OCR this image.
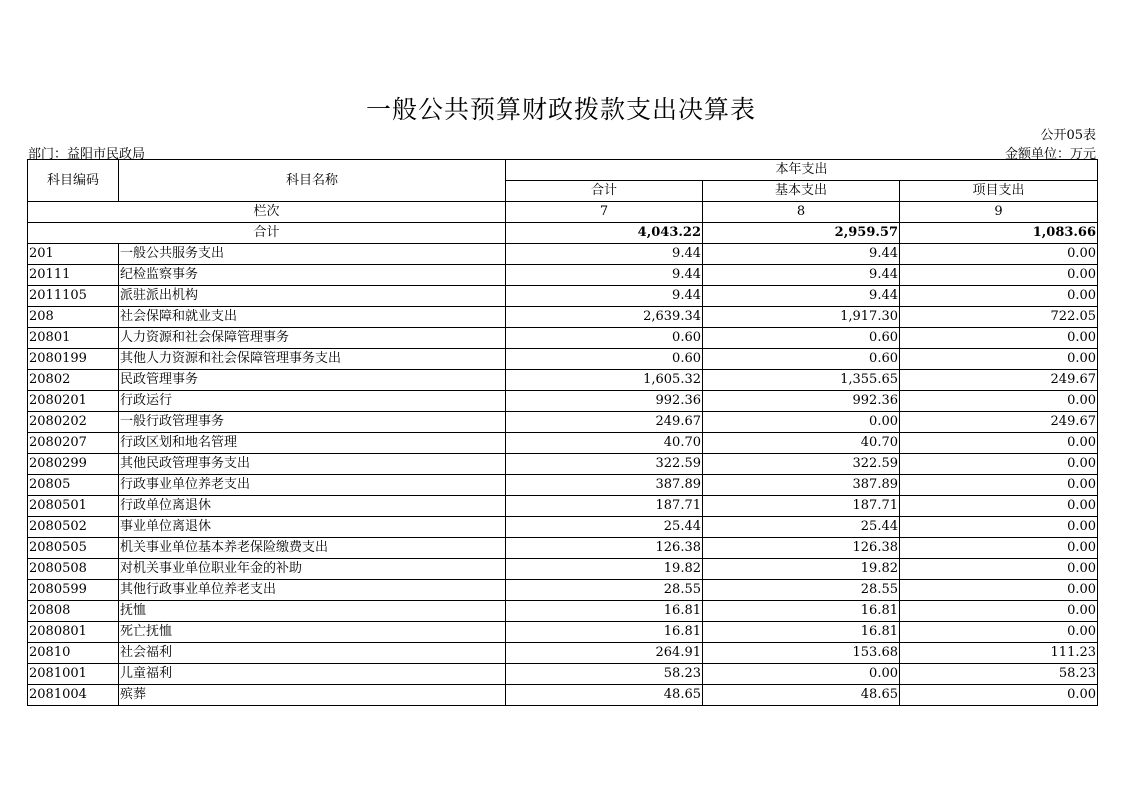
一般公共预算财政拨款支出决算表
公开05表
部门：益阳市民政局	金额单位：万元
科目编码	科目名称	本年支出		
		合计	基本支出	项目支出
栏次		7	8	9
合计		4,043.22	2,959.57	1,083.66
201	一般公共服务支出	9.44	9.44	0.00
20111	纪检监察事务	9.44	9.44	0.00
2011105	派驻派出机构	9.44	9.44	0.00
208	社会保障和就业支出	2,639.34	1,917.30	722.05
20801	人力资源和社会保障管理事务	0.60	0.60	0.00
2080199	其他人力资源和社会保障管理事务支出	0.60	0.60	0.00
20802	民政管理事务	1,605.32	1,355.65	249.67
2080201	行政运行	992.36	992.36	0.00
2080202	一般行政管理事务	249.67	0.00	249.67
2080207	行政区划和地名管理	40.70	40.70	0.00
2080299	其他民政管理事务支出	322.59	322.59	0.00
20805	行政事业单位养老支出	387.89	387.89	0.00
2080501	行政单位离退休	187.71	187.71	0.00
2080502	事业单位离退休	25.44	25.44	0.00
2080505	机关事业单位基本养老保险缴费支出	126.38	126.38	0.00
2080508	对机关事业单位职业年金的补助	19.82	19.82	0.00
2080599	其他行政事业单位养老支出	28.55	28.55	0.00
20808	抚恤	16.81	16.81	0.00
2080801	死亡抚恤	16.81	16.81	0.00
20810	社会福利	264.91	153.68	111.23
2081001	儿童福利	58.23	0.00	58.23
2081004	殡葬	48.65	48.65	0.00
